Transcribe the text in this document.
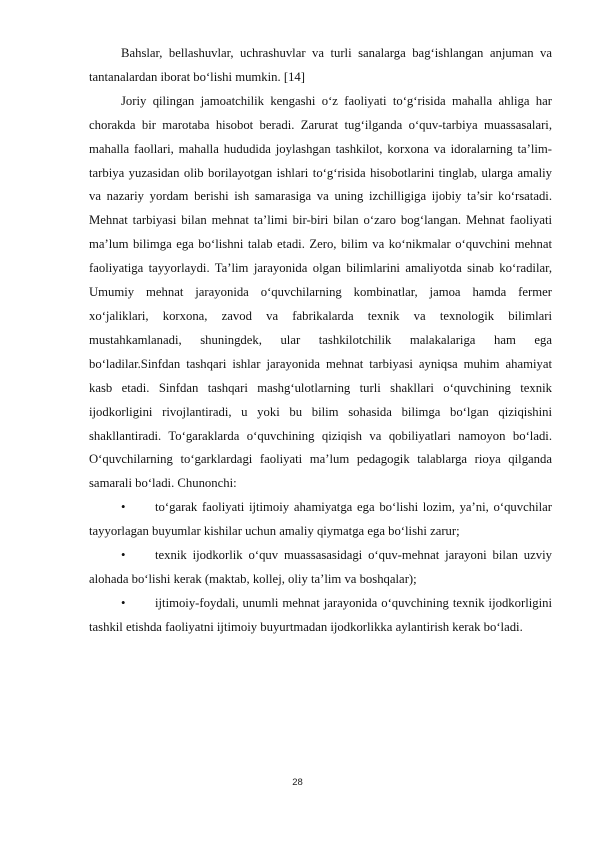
Bahslar, bellashuvlar, uchrashuvlar va turli sanalarga bag‘ishlangan anjuman va tantanalardan iborat bo‘lishi mumkin. [14]

Joriy qilingan jamoatchilik kengashi o‘z faoliyati to‘g‘risida mahalla ahliga har chorakda bir marotaba hisobot beradi. Zarurat tug‘ilganda o‘quv-tarbiya muassasalari, mahalla faollari, mahalla hududida joylashgan tashkilot, korxona va idoralarning ta’lim-tarbiya yuzasidan olib borilayotgan ishlari to‘g‘risida hisobotlarini tinglab, ularga amaliy va nazariy yordam berishi ish samarasiga va uning izchilligiga ijobiy ta’sir ko‘rsatadi. Mehnat tarbiyasi bilan mehnat ta’limi bir-biri bilan o‘zaro bog‘langan. Mehnat faoliyati ma’lum bilimga ega bo‘lishni talab etadi. Zero, bilim va ko‘nikmalar o‘quvchini mehnat faoliyatiga tayyorlaydi. Ta’lim jarayonida olgan bilimlarini amaliyotda sinab ko‘radilar, Umumiy mehnat jarayonida o‘quvchilarning kombinatlar, jamoa hamda fermer xo‘jaliklari, korxona, zavod va fabrikalarda texnik va texnologik bilimlari mustahkamlanadi, shuningdek, ular tashkilotchilik malakalariga ham ega bo‘ladilar.Sinfdan tashqari ishlar jarayonida mehnat tarbiyasi ayniqsa muhim ahamiyat kasb etadi. Sinfdan tashqari mashg‘ulotlarning turli shakllari o‘quvchining texnik ijodkorligini rivojlantiradi, u yoki bu bilim sohasida bilimga bo‘lgan qiziqishini shakllantiradi. To‘garaklarda o‘quvchining qiziqish va qobiliyatlari namoyon bo‘ladi. O‘quvchilarning to‘garklardagi faoliyati ma’lum pedagogik talablarga rioya qilganda samarali bo‘ladi. Chunonchi:

• to‘garak faoliyati ijtimoiy ahamiyatga ega bo‘lishi lozim, ya’ni, o‘quvchilar tayyorlagan buyumlar kishilar uchun amaliy qiymatga ega bo‘lishi zarur;

• texnik ijodkorlik o‘quv muassasasidagi o‘quv-mehnat jarayoni bilan uzviy alohada bo‘lishi kerak (maktab, kollej, oliy ta’lim va boshqalar);

• ijtimoiy-foydali, unumli mehnat jarayonida o‘quvchining texnik ijodkorligini tashkil etishda faoliyatni ijtimoiy buyurtmadan ijodkorlikka aylantirish kerak bo‘ladi.

28
